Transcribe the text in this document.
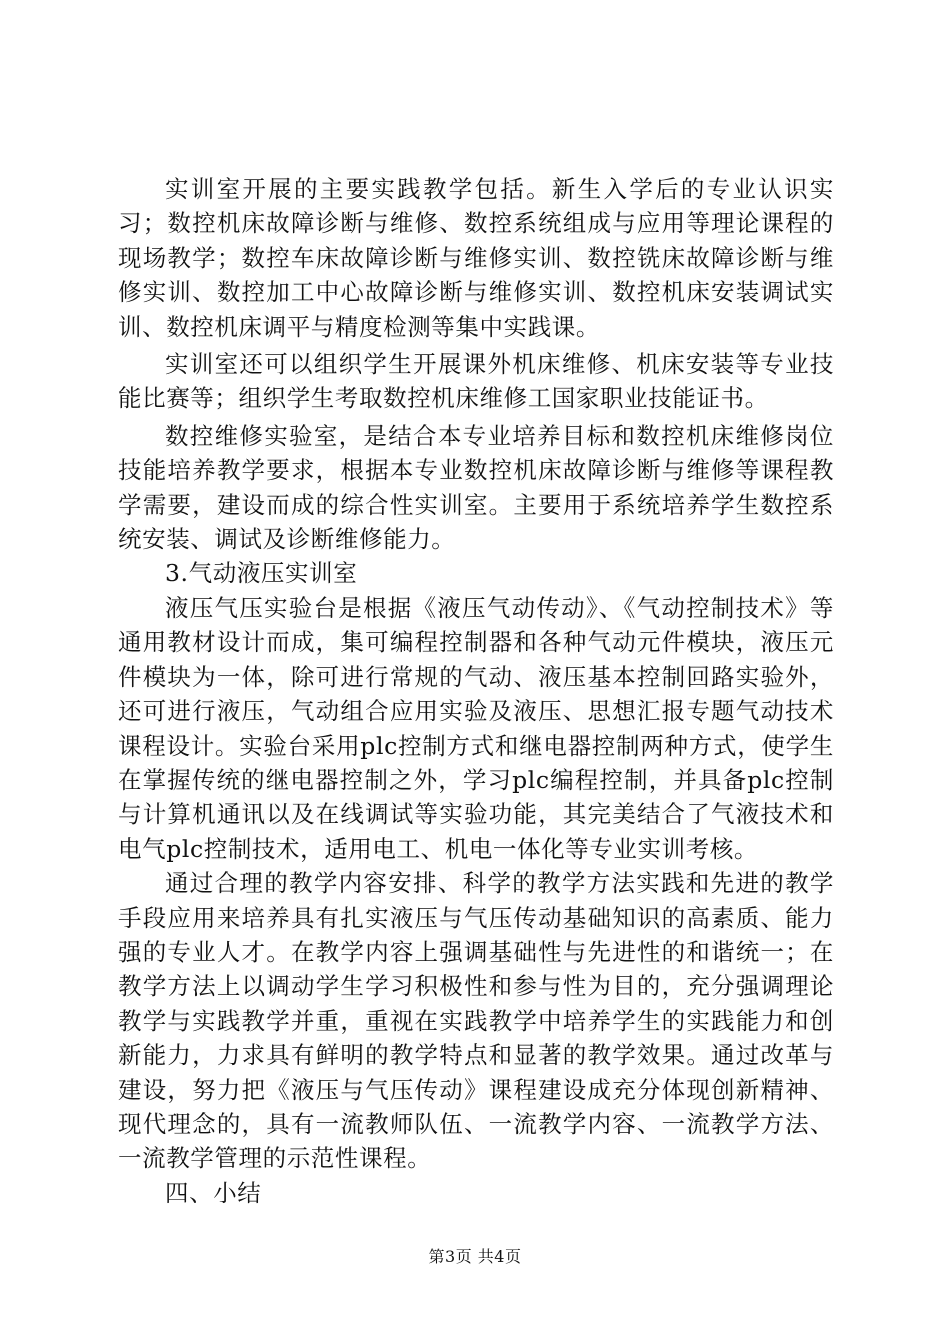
实训室开展的主要实践教学包括。新生入学后的专业认识实习；数控机床故障诊断与维修、数控系统组成与应用等理论课程的现场教学；数控车床故障诊断与维修实训、数控铣床故障诊断与维修实训、数控加工中心故障诊断与维修实训、数控机床安装调试实训、数控机床调平与精度检测等集中实践课。

实训室还可以组织学生开展课外机床维修、机床安装等专业技能比赛等；组织学生考取数控机床维修工国家职业技能证书。

数控维修实验室，是结合本专业培养目标和数控机床维修岗位技能培养教学要求，根据本专业数控机床故障诊断与维修等课程教学需要，建设而成的综合性实训室。主要用于系统培养学生数控系统安装、调试及诊断维修能力。

3.气动液压实训室

液压气压实验台是根据《液压气动传动》、《气动控制技术》等通用教材设计而成，集可编程控制器和各种气动元件模块，液压元件模块为一体，除可进行常规的气动、液压基本控制回路实验外，还可进行液压，气动组合应用实验及液压、思想汇报专题气动技术课程设计。实验台采用plc控制方式和继电器控制两种方式，使学生在掌握传统的继电器控制之外，学习plc编程控制，并具备plc控制与计算机通讯以及在线调试等实验功能，其完美结合了气液技术和电气plc控制技术，适用电工、机电一体化等专业实训考核。

通过合理的教学内容安排、科学的教学方法实践和先进的教学手段应用来培养具有扎实液压与气压传动基础知识的高素质、能力强的专业人才。在教学内容上强调基础性与先进性的和谐统一；在教学方法上以调动学生学习积极性和参与性为目的，充分强调理论教学与实践教学并重，重视在实践教学中培养学生的实践能力和创新能力，力求具有鲜明的教学特点和显著的教学效果。通过改革与建设，努力把《液压与气压传动》课程建设成充分体现创新精神、现代理念的，具有一流教师队伍、一流教学内容、一流教学方法、一流教学管理的示范性课程。

四、小结

第3页 共4页
